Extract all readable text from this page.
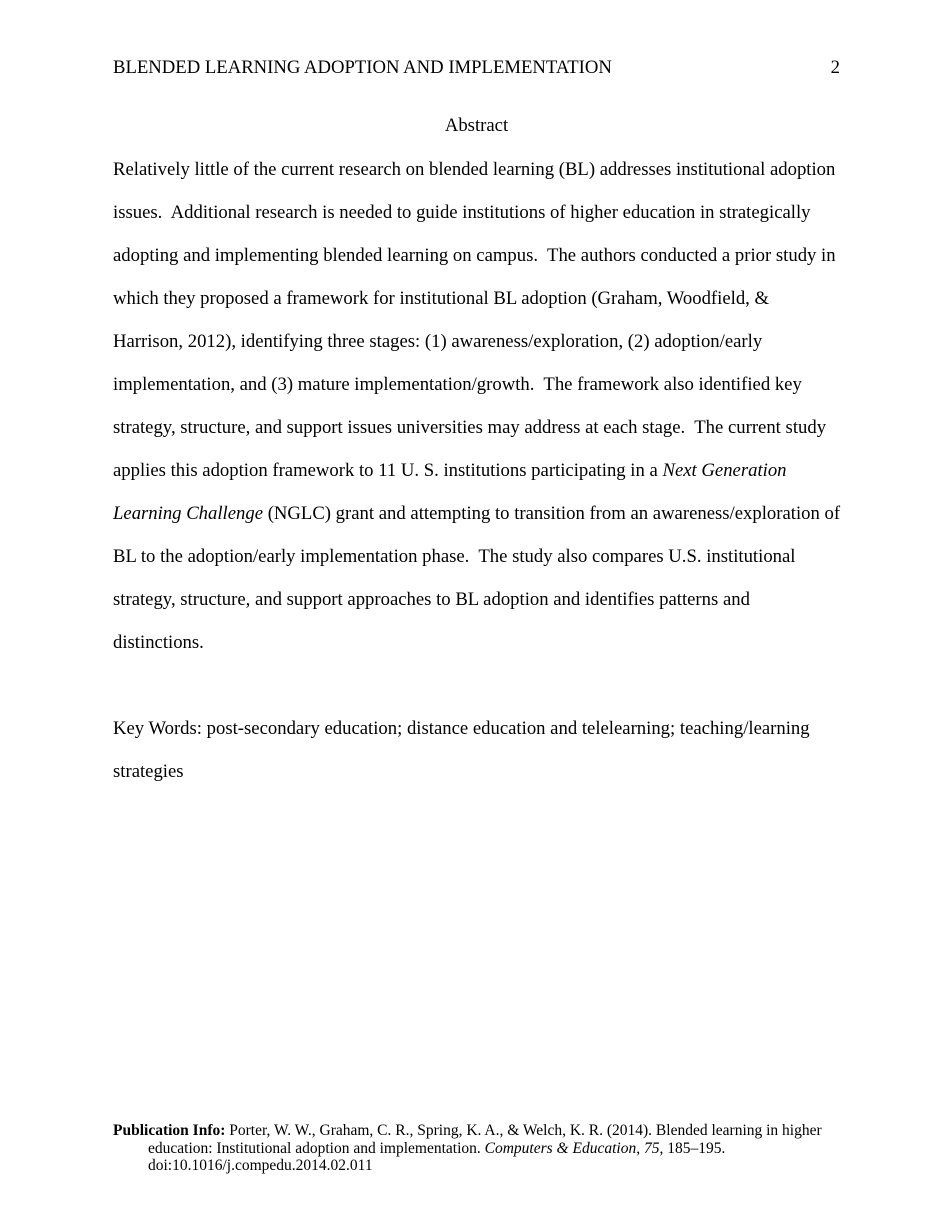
BLENDED LEARNING ADOPTION AND IMPLEMENTATION	2
Abstract
Relatively little of the current research on blended learning (BL) addresses institutional adoption
issues.  Additional research is needed to guide institutions of higher education in strategically
adopting and implementing blended learning on campus.  The authors conducted a prior study in
which they proposed a framework for institutional BL adoption (Graham, Woodfield, &
Harrison, 2012), identifying three stages: (1) awareness/exploration, (2) adoption/early
implementation, and (3) mature implementation/growth.  The framework also identified key
strategy, structure, and support issues universities may address at each stage.  The current study
applies this adoption framework to 11 U. S. institutions participating in a Next Generation
Learning Challenge (NGLC) grant and attempting to transition from an awareness/exploration of
BL to the adoption/early implementation phase.  The study also compares U.S. institutional
strategy, structure, and support approaches to BL adoption and identifies patterns and
distinctions.
Key Words: post-secondary education; distance education and telelearning; teaching/learning
strategies
Publication Info: Porter, W. W., Graham, C. R., Spring, K. A., & Welch, K. R. (2014). Blended learning in higher
education: Institutional adoption and implementation. Computers & Education, 75, 185–195.
doi:10.1016/j.compedu.2014.02.011
